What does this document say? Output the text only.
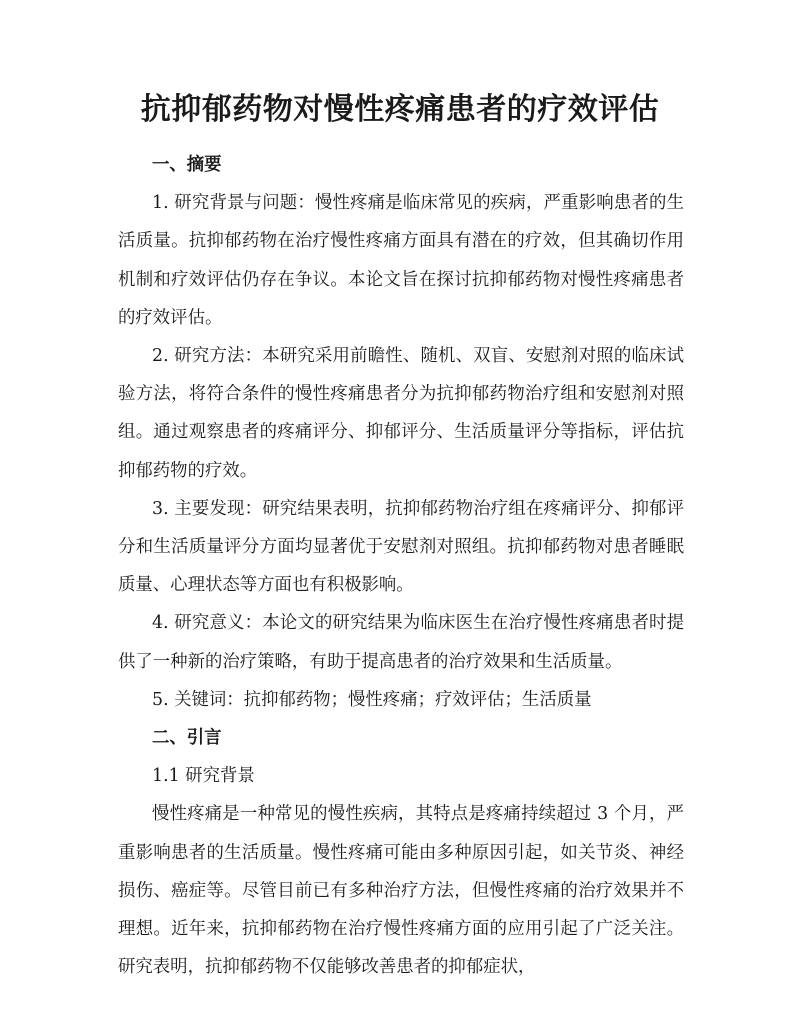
抗抑郁药物对慢性疼痛患者的疗效评估

一、摘要

1. 研究背景与问题：慢性疼痛是临床常见的疾病，严重影响患者的生活质量。抗抑郁药物在治疗慢性疼痛方面具有潜在的疗效，但其确切作用机制和疗效评估仍存在争议。本论文旨在探讨抗抑郁药物对慢性疼痛患者的疗效评估。

2. 研究方法：本研究采用前瞻性、随机、双盲、安慰剂对照的临床试验方法，将符合条件的慢性疼痛患者分为抗抑郁药物治疗组和安慰剂对照组。通过观察患者的疼痛评分、抑郁评分、生活质量评分等指标，评估抗抑郁药物的疗效。

3. 主要发现：研究结果表明，抗抑郁药物治疗组在疼痛评分、抑郁评分和生活质量评分方面均显著优于安慰剂对照组。抗抑郁药物对患者睡眠质量、心理状态等方面也有积极影响。

4. 研究意义：本论文的研究结果为临床医生在治疗慢性疼痛患者时提供了一种新的治疗策略，有助于提高患者的治疗效果和生活质量。

5. 关键词：抗抑郁药物；慢性疼痛；疗效评估；生活质量

二、引言

1.1 研究背景

慢性疼痛是一种常见的慢性疾病，其特点是疼痛持续超过 3 个月，严重影响患者的生活质量。慢性疼痛可能由多种原因引起，如关节炎、神经损伤、癌症等。尽管目前已有多种治疗方法，但慢性疼痛的治疗效果并不理想。近年来，抗抑郁药物在治疗慢性疼痛方面的应用引起了广泛关注。研究表明，抗抑郁药物不仅能够改善患者的抑郁症状，
